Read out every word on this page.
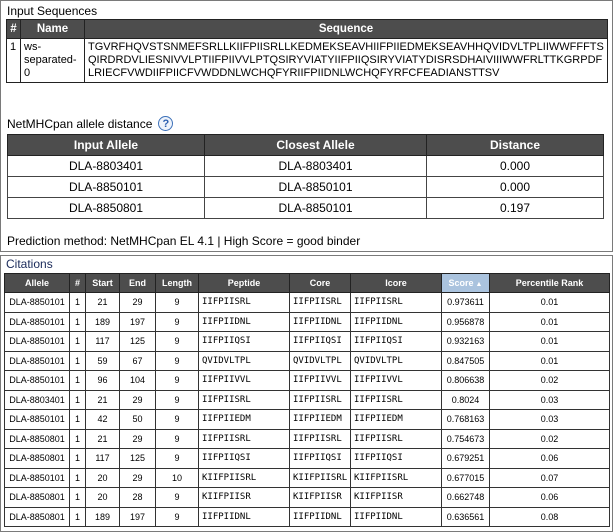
Input Sequences
#	Name	Sequence
1	ws-separated-0	TGVRFHQVSTSNMEFSRLLKIIFPIISRLLKEDMEKSEAVHIIFPIIEDMEKSEAVHHQVIDVLTPLIIWWFFFTSQIRDRDVLIESNIVVLPTIIFPIIVVLPTQSIRYVIATYIIFPIIQSIRYVIATYDISRSDHAIVIIIWWFRLTTKGRPDFLRIECFVWDIIFPIICFVWDDNLWCHQFYRIIFPIIDNLWCHQFYRFCFEADIANSTTSV
NetMHCpan allele distance ?
Input Allele	Closest Allele	Distance
DLA-8803401	DLA-8803401	0.000
DLA-8850101	DLA-8850101	0.000
DLA-8850801	DLA-8850101	0.197
Prediction method: NetMHCpan EL 4.1 | High Score = good binder
Citations
Allele	#	Start	End	Length	Peptide	Core	Icore	Score ▲	Percentile Rank
DLA-8850101	1	21	29	9	IIFPIISRL	IIFPIISRL	IIFPIISRL	0.973611	0.01
DLA-8850101	1	189	197	9	IIFPIIDNL	IIFPIIDNL	IIFPIIDNL	0.956878	0.01
DLA-8850101	1	117	125	9	IIFPIIQSI	IIFPIIQSI	IIFPIIQSI	0.932163	0.01
DLA-8850101	1	59	67	9	QVIDVLTPL	QVIDVLTPL	QVIDVLTPL	0.847505	0.01
DLA-8850101	1	96	104	9	IIFPIIVVL	IIFPIIVVL	IIFPIIVVL	0.806638	0.02
DLA-8803401	1	21	29	9	IIFPIISRL	IIFPIISRL	IIFPIISRL	0.8024	0.03
DLA-8850101	1	42	50	9	IIFPIIEDM	IIFPIIEDM	IIFPIIEDM	0.768163	0.03
DLA-8850801	1	21	29	9	IIFPIISRL	IIFPIISRL	IIFPIISRL	0.754673	0.02
DLA-8850801	1	117	125	9	IIFPIIQSI	IIFPIIQSI	IIFPIIQSI	0.679251	0.06
DLA-8850101	1	20	29	10	KIIFPIISRL	KIIFPIISRL	KIIFPIISRL	0.677015	0.07
DLA-8850801	1	20	28	9	KIIFPIISR	KIIFPIISR	KIIFPIISR	0.662748	0.06
DLA-8850801	1	189	197	9	IIFPIIDNL	IIFPIIDNL	IIFPIIDNL	0.636561	0.08
